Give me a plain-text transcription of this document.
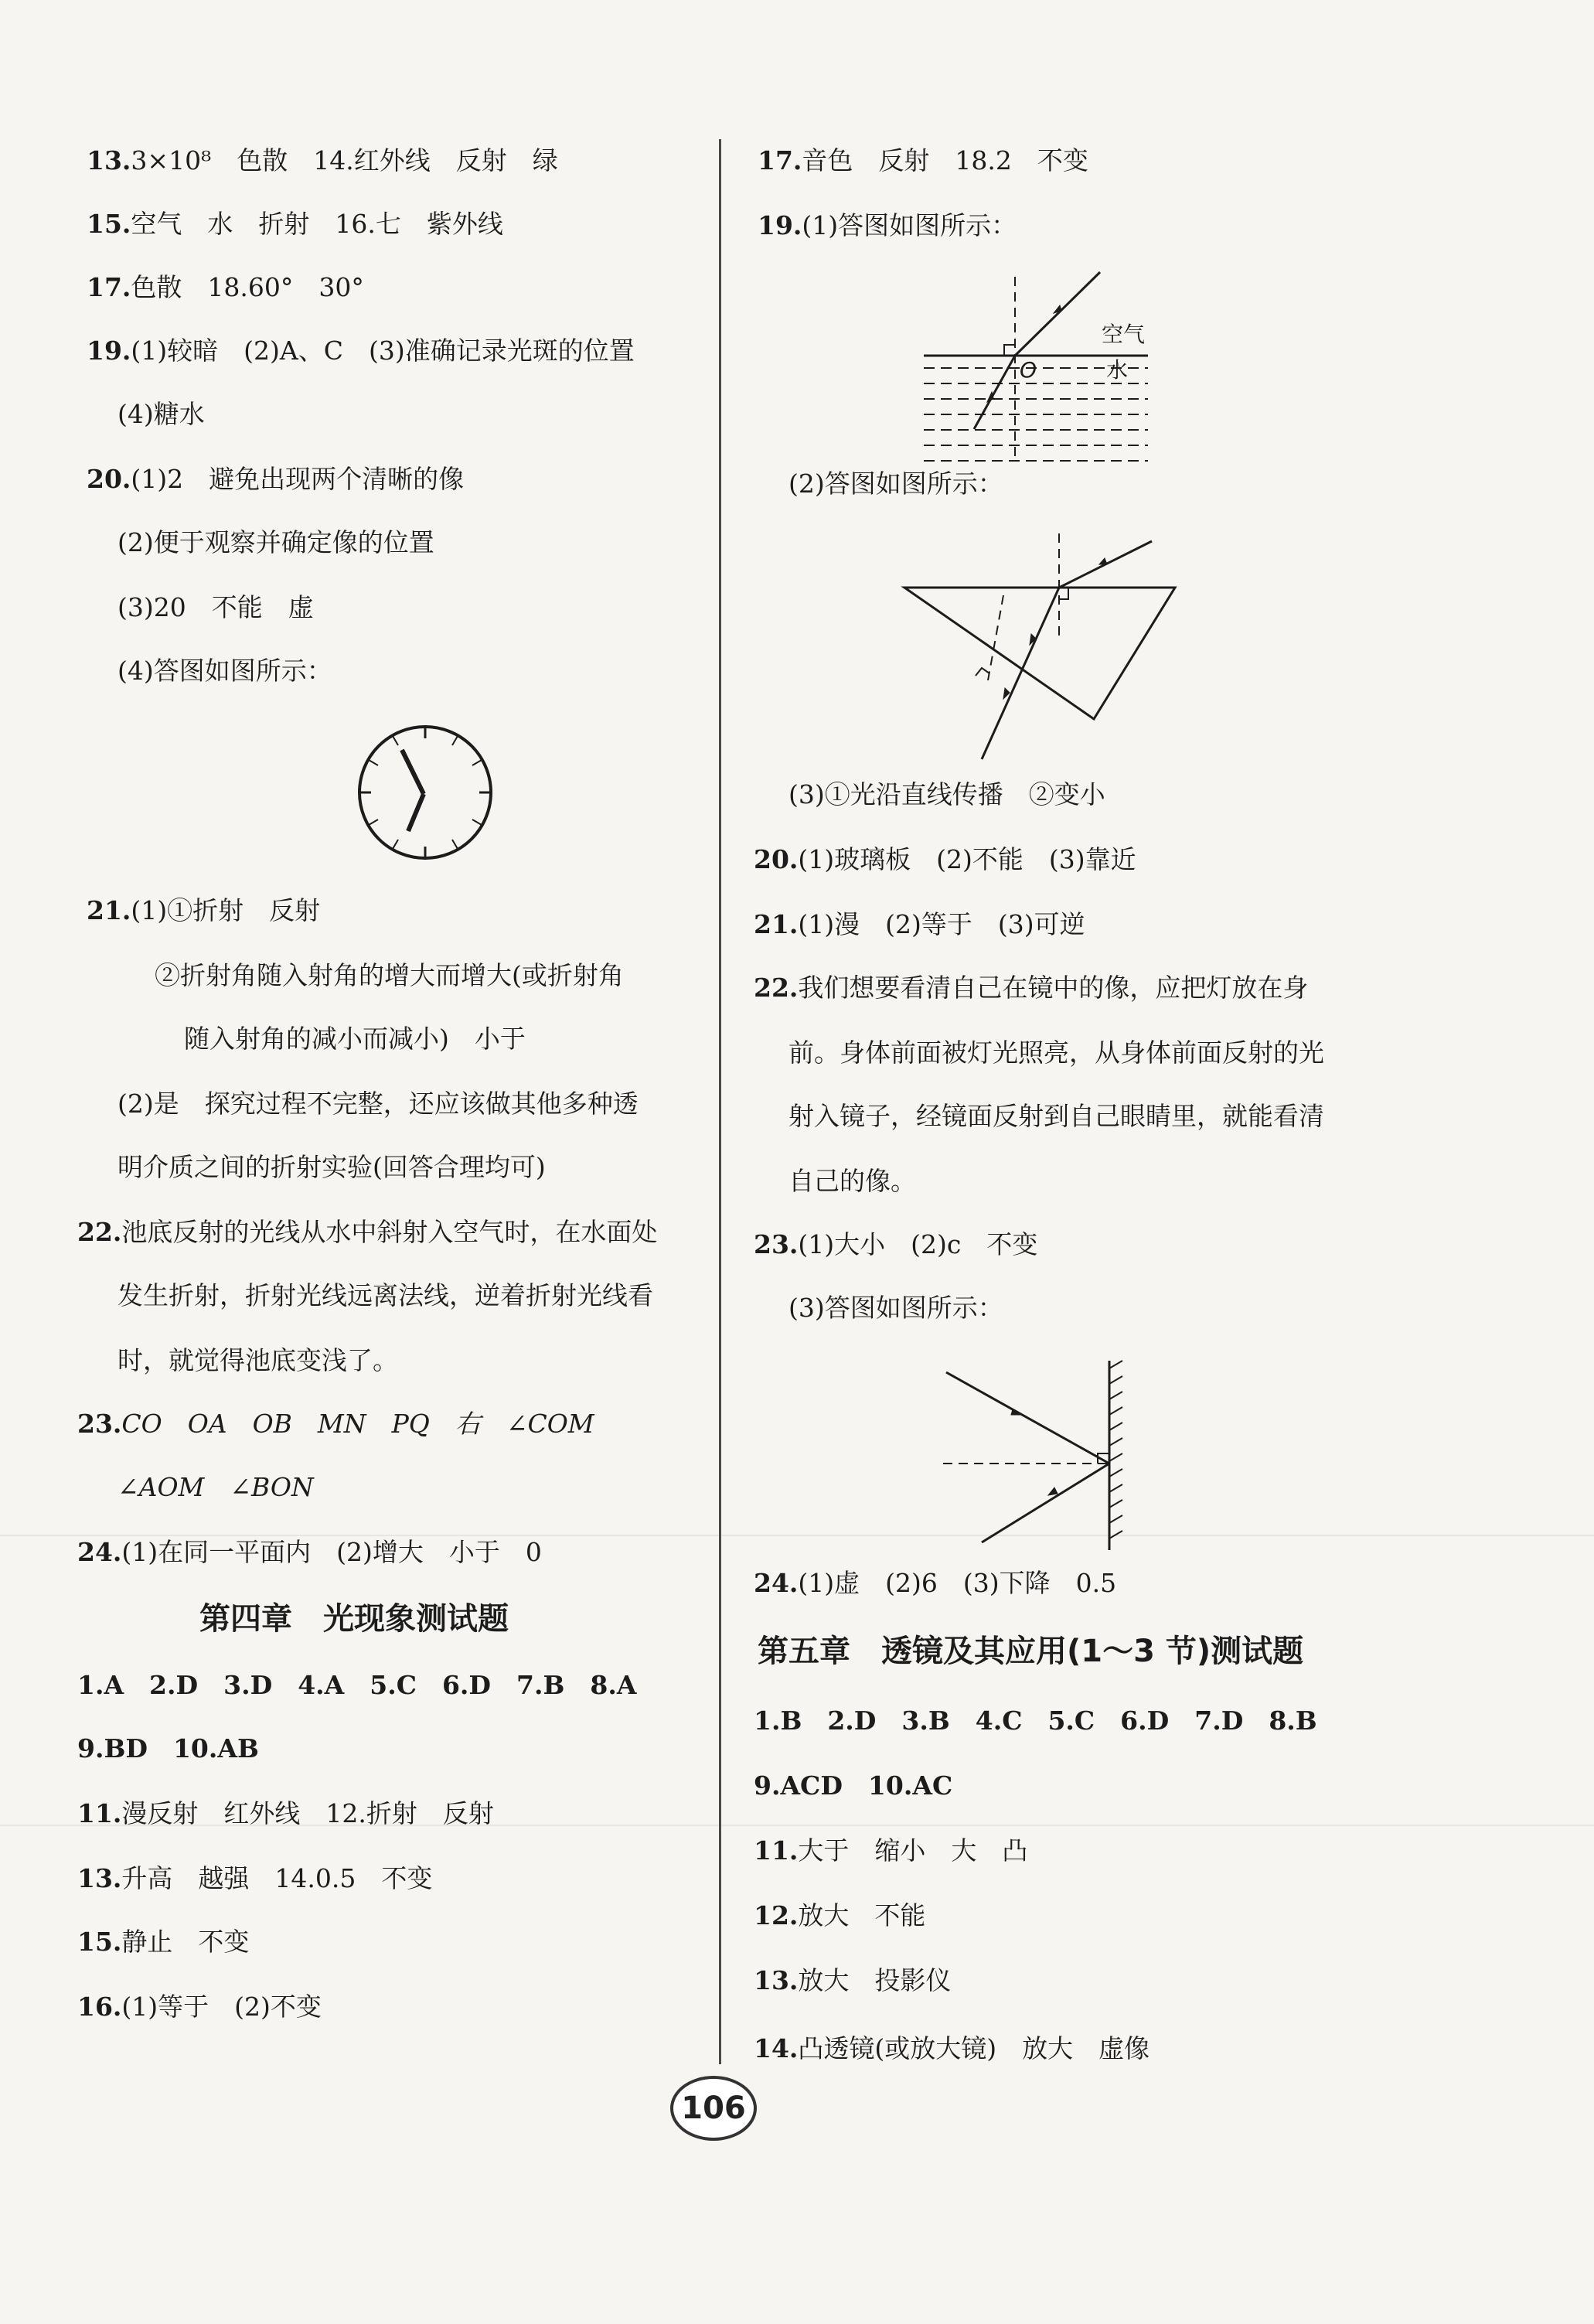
13.3×10⁸　色散　14.红外线　反射　绿
15.空气　水　折射　16.七　紫外线
17.色散　18.60°　30°
19.(1)较暗　(2)A、C　(3)准确记录光斑的位置
(4)糖水
20.(1)2　避免出现两个清晰的像
(2)便于观察并确定像的位置
(3)20　不能　虚
(4)答图如图所示：
21.(1)①折射　反射
②折射角随入射角的增大而增大(或折射角
随入射角的减小而减小)　小于
(2)是　探究过程不完整，还应该做其他多种透
明介质之间的折射实验(回答合理均可)
22.池底反射的光线从水中斜射入空气时，在水面处
发生折射，折射光线远离法线，逆着折射光线看
时，就觉得池底变浅了。
23.CO　OA　OB　MN　PQ　右　∠COM
∠AOM　∠BON
24.(1)在同一平面内　(2)增大　小于　0
第四章　光现象测试题
1.A　2.D　3.D　4.A　5.C　6.D　7.B　8.A
9.BD　10.AB
11.漫反射　红外线　12.折射　反射
13.升高　越强　14.0.5　不变
15.静止　不变
16.(1)等于　(2)不变
17.音色　反射　18.2　不变
19.(1)答图如图所示：
O
空气
水
(2)答图如图所示：
(3)①光沿直线传播　②变小
20.(1)玻璃板　(2)不能　(3)靠近
21.(1)漫　(2)等于　(3)可逆
22.我们想要看清自己在镜中的像，应把灯放在身
前。身体前面被灯光照亮，从身体前面反射的光
射入镜子，经镜面反射到自己眼睛里，就能看清
自己的像。
23.(1)大小　(2)c　不变
(3)答图如图所示：
24.(1)虚　(2)6　(3)下降　0.5
第五章　透镜及其应用(1～3 节)测试题
1.B　2.D　3.B　4.C　5.C　6.D　7.D　8.B
9.ACD　10.AC
11.大于　缩小　大　凸
12.放大　不能
13.放大　投影仪
14.凸透镜(或放大镜)　放大　虚像
106
